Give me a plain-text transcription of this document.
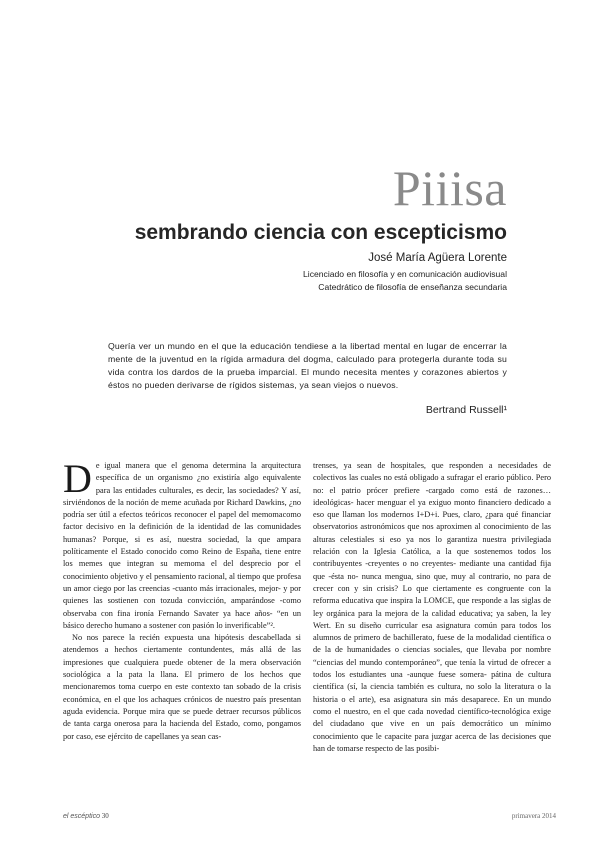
Piiisa
sembrando ciencia con escepticismo
José María Agüera Lorente
Licenciado en filosofía y en comunicación audiovisual
Catedrático de filosofía de enseñanza secundaria
Quería ver un mundo en el que la educación tendiese a la libertad mental en lugar de encerrar la mente de la juventud en la rígida armadura del dogma, calculado para protegerla durante toda su vida contra los dardos de la prueba imparcial. El mundo necesita mentes y corazones abiertos y éstos no pueden derivarse de rígidos sistemas, ya sean viejos o nuevos.
Bertrand Russell¹

De igual manera que el genoma determina la arquitectura específica de un organismo ¿no existiría algo equivalente para las entidades culturales, es decir, las sociedades? Y así, sirviéndonos de la noción de meme acuñada por Richard Dawkins, ¿no podría ser útil a efectos teóricos reconocer el papel del memomacomo factor decisivo en la definición de la identidad de las comunidades humanas? Porque, si es así, nuestra sociedad, la que ampara políticamente el Estado conocido como Reino de España, tiene entre los memes que integran su memoma el del desprecio por el conocimiento objetivo y el pensamiento racional, al tiempo que profesa un amor ciego por las creencias -cuanto más irracionales, mejor- y por quienes las sostienen con tozuda convicción, amparándose -como observaba con fina ironía Fernando Savater ya hace años- “en un básico derecho humano a sostener con pasión lo inverificable”².

No nos parece la recién expuesta una hipótesis descabellada si atendemos a hechos ciertamente contundentes, más allá de las impresiones que cualquiera puede obtener de la mera observación sociológica a la pata la llana. El primero de los hechos que mencionaremos toma cuerpo en este contexto tan sobado de la crisis económica, en el que los achaques crónicos de nuestro país presentan aguda evidencia. Porque mira que se puede detraer recursos públicos de tanta carga onerosa para la hacienda del Estado, como, pongamos por caso, ese ejército de capellanes ya sean cas-

trenses, ya sean de hospitales, que responden a necesidades de colectivos las cuales no está obligado a sufragar el erario público. Pero no: el patrio prócer prefiere -cargado como está de razones… ideológicas- hacer menguar el ya exiguo monto financiero dedicado a eso que llaman los modernos I+D+i. Pues, claro, ¿para qué financiar observatorios astronómicos que nos aproximen al conocimiento de las alturas celestiales si eso ya nos lo garantiza nuestra privilegiada relación con la Iglesia Católica, a la que sostenemos todos los contribuyentes -creyentes o no creyentes- mediante una cantidad fija que -ésta no- nunca mengua, sino que, muy al contrario, no para de crecer con y sin crisis? Lo que ciertamente es congruente con la reforma educativa que inspira la LOMCE, que responde a las siglas de ley orgánica para la mejora de la calidad educativa; ya saben, la ley Wert. En su diseño curricular esa asignatura común para todos los alumnos de primero de bachillerato, fuese de la modalidad científica o de la de humanidades o ciencias sociales, que llevaba por nombre “ciencias del mundo contemporáneo”, que tenía la virtud de ofrecer a todos los estudiantes una -aunque fuese somera- pátina de cultura científica (sí, la ciencia también es cultura, no solo la literatura o la historia o el arte), esa asignatura sin más desaparece. En un mundo como el nuestro, en el que cada novedad científico-tecnológica exige del ciudadano que vive en un país democrático un mínimo conocimiento que le capacite para juzgar acerca de las decisiones que han de tomarse respecto de las posibi-

el escéptico 30	primavera 2014
